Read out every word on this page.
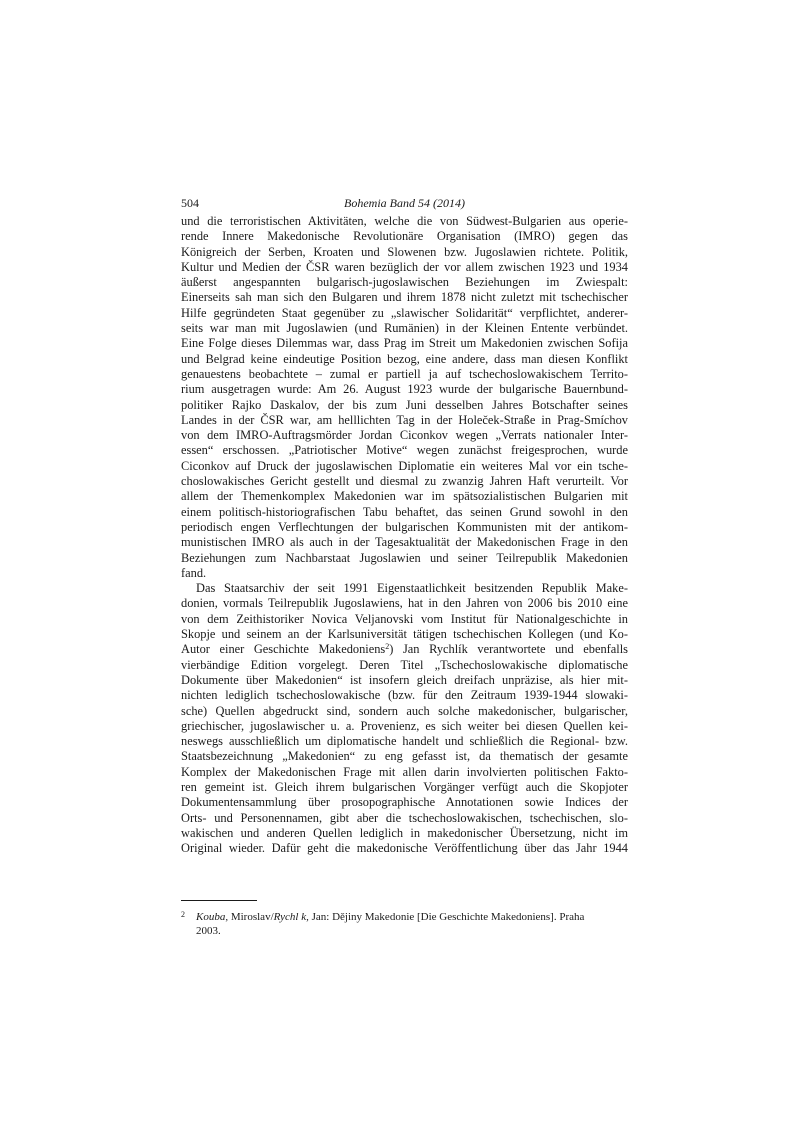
504	Bohemia Band 54 (2014)
und die terroristischen Aktivitäten, welche die von Südwest-Bulgarien aus operie-
rende Innere Makedonische Revolutionäre Organisation (IMRO) gegen das
Königreich der Serben, Kroaten und Slowenen bzw. Jugoslawien richtete. Politik,
Kultur und Medien der ČSR waren bezüglich der vor allem zwischen 1923 und 1934
äußerst angespannten bulgarisch-jugoslawischen Beziehungen im Zwiespalt:
Einerseits sah man sich den Bulgaren und ihrem 1878 nicht zuletzt mit tschechischer
Hilfe gegründeten Staat gegenüber zu „slawischer Solidarität“ verpflichtet, anderer-
seits war man mit Jugoslawien (und Rumänien) in der Kleinen Entente verbündet.
Eine Folge dieses Dilemmas war, dass Prag im Streit um Makedonien zwischen Sofija
und Belgrad keine eindeutige Position bezog, eine andere, dass man diesen Konflikt
genauestens beobachtete – zumal er partiell ja auf tschechoslowakischem Territo-
rium ausgetragen wurde: Am 26. August 1923 wurde der bulgarische Bauernbund-
politiker Rajko Daskalov, der bis zum Juni desselben Jahres Botschafter seines
Landes in der ČSR war, am helllichten Tag in der Holeček-Straße in Prag-Smíchov
von dem IMRO-Auftragsmörder Jordan Ciconkov wegen „Verrats nationaler Inter-
essen“ erschossen. „Patriotischer Motive“ wegen zunächst freigesprochen, wurde
Ciconkov auf Druck der jugoslawischen Diplomatie ein weiteres Mal vor ein tsche-
choslowakisches Gericht gestellt und diesmal zu zwanzig Jahren Haft verurteilt. Vor
allem der Themenkomplex Makedonien war im spätsozialistischen Bulgarien mit
einem politisch-historiografischen Tabu behaftet, das seinen Grund sowohl in den
periodisch engen Verflechtungen der bulgarischen Kommunisten mit der antikom-
munistischen IMRO als auch in der Tagesaktualität der Makedonischen Frage in den
Beziehungen zum Nachbarstaat Jugoslawien und seiner Teilrepublik Makedonien
fand.
Das Staatsarchiv der seit 1991 Eigenstaatlichkeit besitzenden Republik Make-
donien, vormals Teilrepublik Jugoslawiens, hat in den Jahren von 2006 bis 2010 eine
von dem Zeithistoriker Novica Veljanovski vom Institut für Nationalgeschichte in
Skopje und seinem an der Karlsuniversität tätigen tschechischen Kollegen (und Ko-
Autor einer Geschichte Makedoniens$^2$) Jan Rychlík verantwortete und ebenfalls
vierbändige Edition vorgelegt. Deren Titel „Tschechoslowakische diplomatische
Dokumente über Makedonien“ ist insofern gleich dreifach unpräzise, als hier mit-
nichten lediglich tschechoslowakische (bzw. für den Zeitraum 1939-1944 slowaki-
sche) Quellen abgedruckt sind, sondern auch solche makedonischer, bulgarischer,
griechischer, jugoslawischer u. a. Provenienz, es sich weiter bei diesen Quellen kei-
neswegs ausschließlich um diplomatische handelt und schließlich die Regional- bzw.
Staatsbezeichnung „Makedonien“ zu eng gefasst ist, da thematisch der gesamte
Komplex der Makedonischen Frage mit allen darin involvierten politischen Fakto-
ren gemeint ist. Gleich ihrem bulgarischen Vorgänger verfügt auch die Skopjoter
Dokumentensammlung über prosopographische Annotationen sowie Indices der
Orts- und Personennamen, gibt aber die tschechoslowakischen, tschechischen, slo-
wakischen und anderen Quellen lediglich in makedonischer Übersetzung, nicht im
Original wieder. Dafür geht die makedonische Veröffentlichung über das Jahr 1944
2 Kouba, Miroslav/Rychl k, Jan: Dějiny Makedonie [Die Geschichte Makedoniens]. Praha
2003.
